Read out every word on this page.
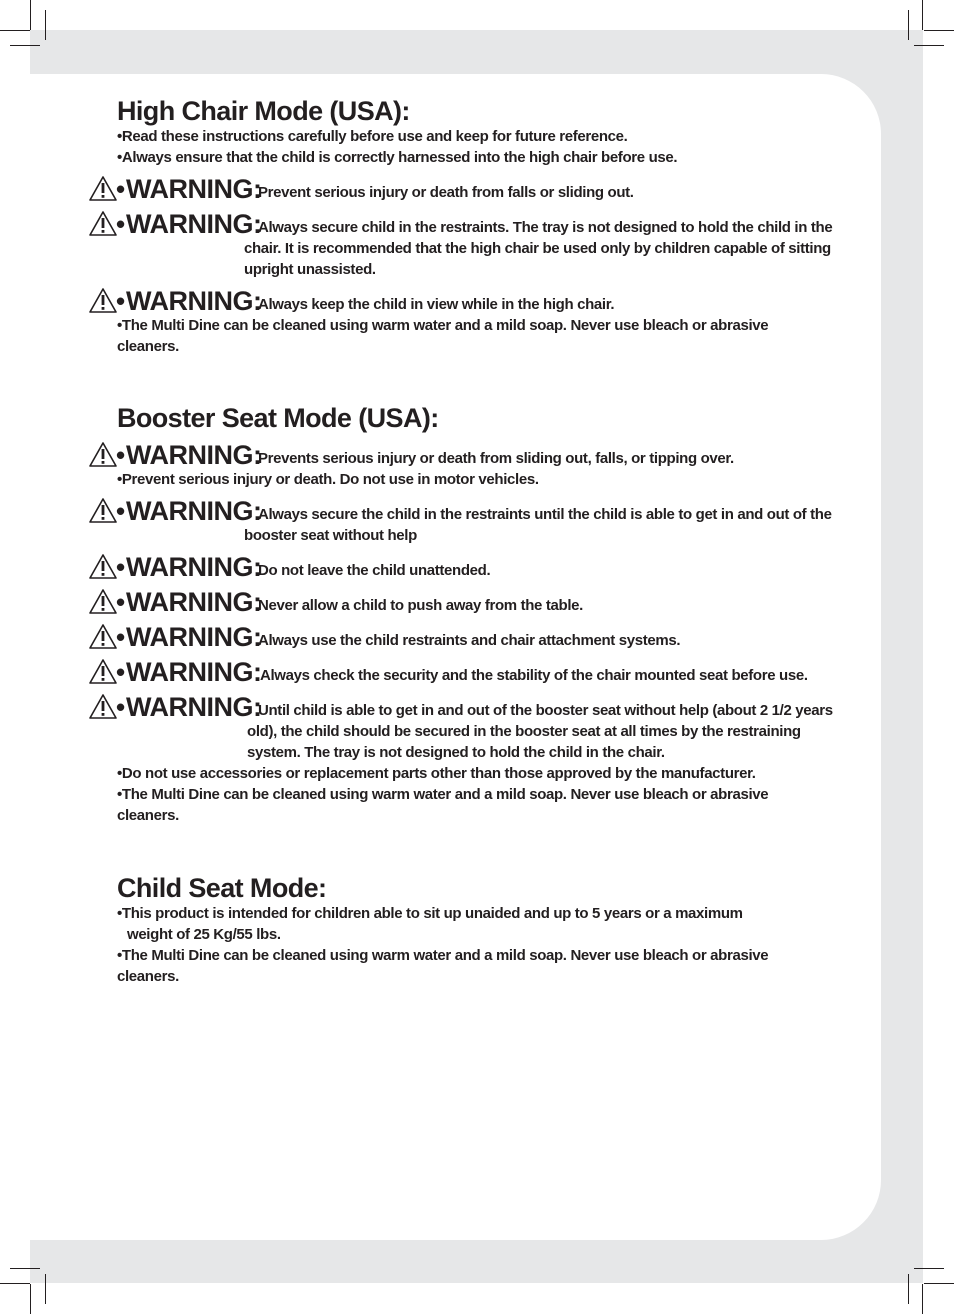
High Chair Mode (USA):

•Read these instructions carefully before use and keep for future reference.

•Always ensure that the child is correctly harnessed into the high chair before use.

• WARNING:
Prevent serious injury or death from falls or sliding out.
• WARNING:
Always secure child in the restraints. The tray is not designed to hold the child in the

chair. It is recommended that the high chair be used only by children capable of sitting

upright unassisted.

• WARNING:
Always keep the child in view while in the high chair.

•The Multi Dine can be cleaned using warm water and a mild soap. Never use bleach or abrasive

cleaners.

Booster Seat Mode (USA):
• WARNING:
Prevents serious injury or death from sliding out, falls, or tipping over.

•Prevent serious injury or death. Do not use in motor vehicles.

• WARNING:
Always secure the child in the restraints until the child is able to get in and out of the

booster seat without help

• WARNING:
Do not leave the child unattended.
• WARNING:
Never allow a child to push away from the table.
• WARNING:
Always use the child restraints and chair attachment systems.
• WARNING:
Always check the security and the stability of the chair mounted seat before use.
• WARNING:
Until child is able to get in and out of the booster seat without help (about 2 1/2 years

old), the child should be secured in the booster seat at all times by the restraining

system. The tray is not designed to hold the child in the chair.

•Do not use accessories or replacement parts other than those approved by the manufacturer.

•The Multi Dine can be cleaned using warm water and a mild soap. Never use bleach or abrasive

cleaners.

Child Seat Mode:

•This product is intended for children able to sit up unaided and up to 5 years or a maximum

weight of 25 Kg/55 lbs.

•The Multi Dine can be cleaned using warm water and a mild soap. Never use bleach or abrasive

cleaners.
